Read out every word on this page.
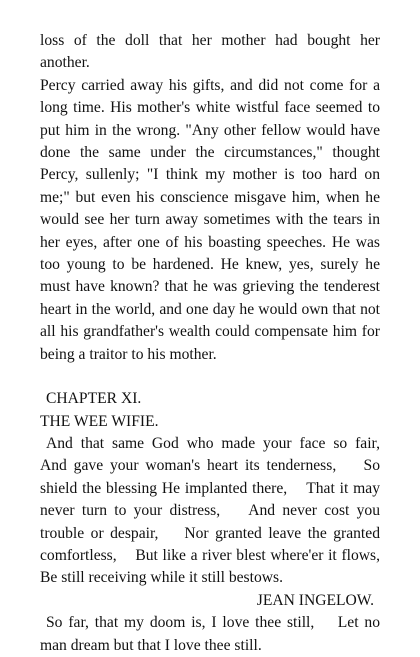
loss of the doll that her mother had bought her another.

Percy carried away his gifts, and did not come for a long time. His mother's white wistful face seemed to put him in the wrong. "Any other fellow would have done the same under the circumstances," thought Percy, sullenly; "I think my mother is too hard on me;" but even his conscience misgave him, when he would see her turn away sometimes with the tears in her eyes, after one of his boasting speeches. He was too young to be hardened. He knew, yes, surely he must have known? that he was grieving the tenderest heart in the world, and one day he would own that not all his grandfather's wealth could compensate him for being a traitor to his mother.

CHAPTER XI.

THE WEE WIFIE.

And that same God who made your face so fair,    And gave your woman's heart its tenderness,    So shield the blessing He implanted there,    That it may never turn to your distress,    And never cost you trouble or despair,    Nor granted leave the granted comfortless,    But like a river blest where'er it flows,    Be still receiving while it still bestows.

JEAN INGELOW.

So far, that my doom is, I love thee still,    Let no man dream but that I love thee still.
